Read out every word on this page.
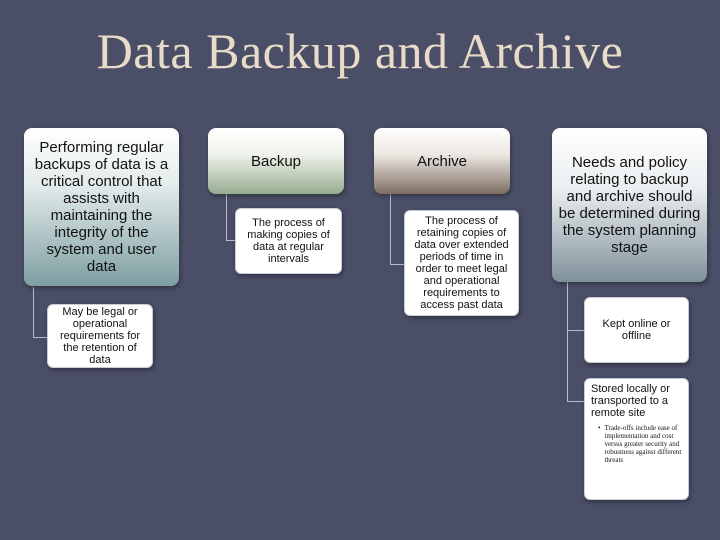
Data Backup and Archive
Performing regular backups of data is a critical control that assists with maintaining the integrity of the system and user data
May be legal or operational requirements for the retention of data
Backup
The process of making copies of data at regular intervals
Archive
The process of retaining copies of data over extended periods of time in order to meet legal and operational requirements to access past data
Needs and policy relating to backup and archive should be determined during the system planning stage
Kept online or offline
Stored locally or transported to a remote site
• Trade-offs include ease of implementation and cost versus greater security and robustness against different threats
